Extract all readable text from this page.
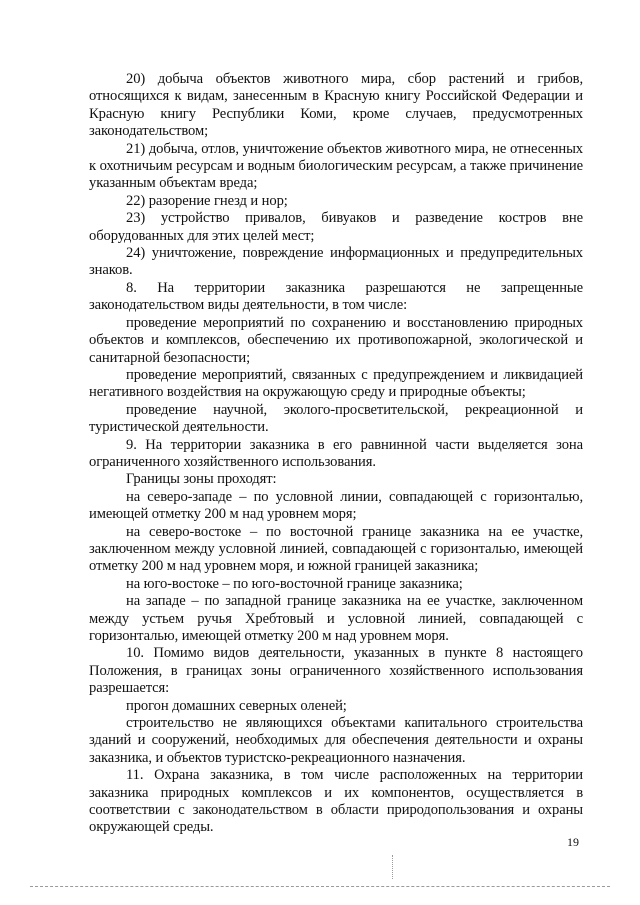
20) добыча объектов животного мира, сбор растений и грибов, относящихся к видам, занесенным в Красную книгу Российской Федерации и Красную книгу Республики Коми, кроме случаев, предусмотренных законодательством;

21) добыча, отлов, уничтожение объектов животного мира, не отнесенных к охотничьим ресурсам и водным биологическим ресурсам, а также причинение указанным объектам вреда;

22) разорение гнезд и нор;

23) устройство привалов, бивуаков и разведение костров вне оборудованных для этих целей мест;

24) уничтожение, повреждение информационных и предупредительных знаков.

8. На территории заказника разрешаются не запрещенные законодательством виды деятельности, в том числе:

проведение мероприятий по сохранению и восстановлению природных объектов и комплексов, обеспечению их противопожарной, экологической и санитарной безопасности;

проведение мероприятий, связанных с предупреждением и ликвидацией негативного воздействия на окружающую среду и природные объекты;

проведение научной, эколого-просветительской, рекреационной и туристической деятельности.

9. На территории заказника в его равнинной части выделяется зона ограниченного хозяйственного использования.

Границы зоны проходят:

на северо-западе – по условной линии, совпадающей с горизонталью, имеющей отметку 200 м над уровнем моря;

на северо-востоке – по восточной границе заказника на ее участке, заключенном между условной линией, совпадающей с горизонталью, имеющей отметку 200 м над уровнем моря, и южной границей заказника;

на юго-востоке – по юго-восточной границе заказника;

на западе – по западной границе заказника на ее участке, заключенном между устьем ручья Хребтовый и условной линией, совпадающей с горизонталью, имеющей отметку 200 м над уровнем моря.

10. Помимо видов деятельности, указанных в пункте 8 настоящего Положения, в границах зоны ограниченного хозяйственного использования разрешается:

прогон домашних северных оленей;

строительство не являющихся объектами капитального строительства зданий и сооружений, необходимых для обеспечения деятельности и охраны заказника, и объектов туристско-рекреационного назначения.

11. Охрана заказника, в том числе расположенных на территории заказника природных комплексов и их компонентов, осуществляется в соответствии с законодательством в области природопользования и охраны окружающей среды.

19
